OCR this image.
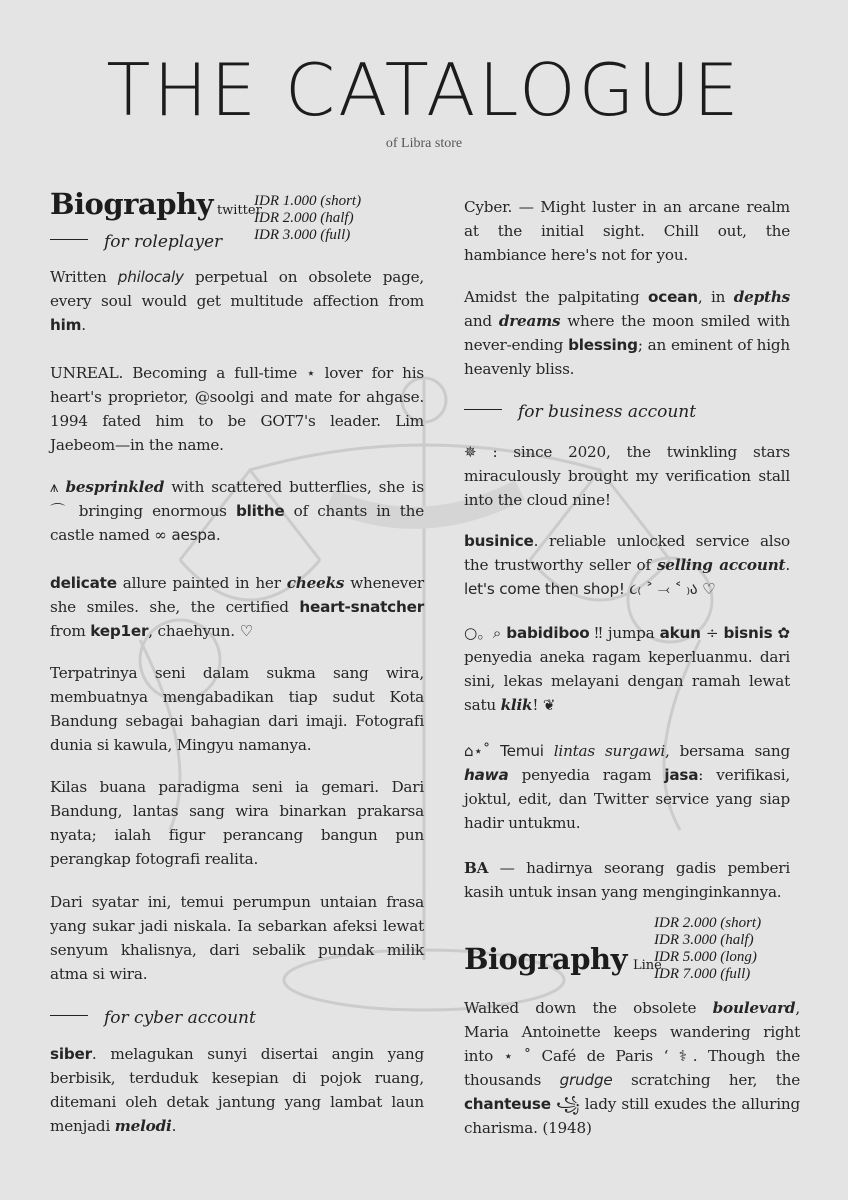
THE CATALOGUE
of Libra store
Biography twitter
IDR 1.000 (short)
IDR 2.000 (half)
IDR 3.000 (full)
for roleplayer
Written philocaly perpetual on obsolete page, every soul would get multitude affection from him.
UNREAL. Becoming a full-time ⋆ lover for his heart's proprietor, @soolgi and mate for ahgase. 1994 fated him to be GOT7's leader. Lim Jaebeom—in the name.
⩚ besprinkled with scattered butterflies, she is ⌒ bringing enormous blithe of chants in the castle named ∞ aespa.
delicate allure painted in her cheeks whenever she smiles. she, the certified heart-snatcher from kep1er, chaehyun. ♡
Terpatrinya seni dalam sukma sang wira, membuatnya mengabadikan tiap sudut Kota Bandung sebagai bahagian dari imaji. Fotografi dunia si kawula, Mingyu namanya.
Kilas buana paradigma seni ia gemari. Dari Bandung, lantas sang wira binarkan prakarsa nyata; ialah figur perancang bangun pun perangkap fotografi realita.
Dari syatar ini, temui perumpun untaian frasa yang sukar jadi niskala. Ia sebarkan afeksi lewat senyum khalisnya, dari sebalik pundak milik atma si wira.
for cyber account
siber. melagukan sunyi disertai angin yang berbisik, terduduk kesepian di pojok ruang, ditemani oleh detak jantung yang lambat laun menjadi melodi.
Cyber. — Might luster in an arcane realm at the initial sight. Chill out, the hambiance here's not for you.
Amidst the palpitating ocean, in depths and dreams where the moon smiled with never-ending blessing; an eminent of high heavenly bliss.
for business account
✵ : since 2020, the twinkling stars miraculously brought my verification stall into the cloud nine!
businice. reliable unlocked service also the trustworthy seller of selling account. let's come then shop! ૮₍ ˃ ⤙ ˂ ₎ა ♡
○。⌕ babidiboo ‼ jumpa akun ÷ bisnis ✿ penyedia aneka ragam keperluanmu. dari sini, lekas melayani dengan ramah lewat satu klik! ❦
⌂⋆˚ Temui lintas surgawi, bersama sang hawa penyedia ragam jasa: verifikasi, joktul, edit, dan Twitter service yang siap hadir untukmu.
BA — hadirnya seorang gadis pemberi kasih untuk insan yang menginginkannya.
Biography Line
IDR 2.000 (short)
IDR 3.000 (half)
IDR 5.000 (long)
IDR 7.000 (full)
Walked down the obsolete boulevard, Maria Antoinette keeps wandering right into ⋆ ˚ Café de Paris ‘ ⚕. Though the thousands grudge scratching her, the chanteuse ꧁ lady still exudes the alluring charisma. (1948)
